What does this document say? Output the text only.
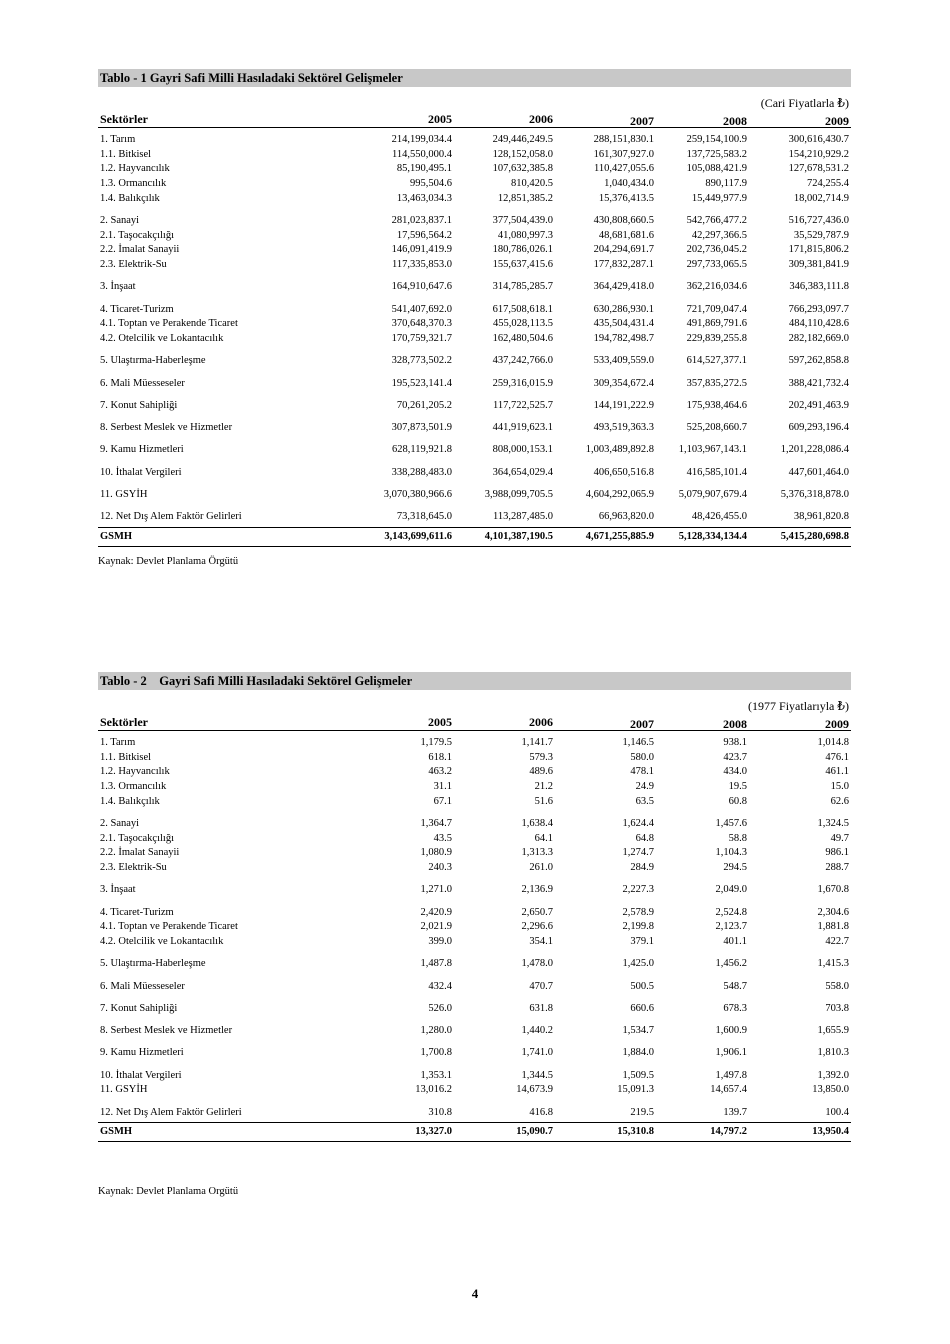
Tablo - 1 Gayri Safi Milli Hasıladaki Sektörel Gelişmeler
(Cari Fiyatlarla ₺)
Sektörler	2005	2006	2007	2008	2009
1. Tarım	214,199,034.4	249,446,249.5	288,151,830.1	259,154,100.9	300,616,430.7
1.1. Bitkisel	114,550,000.4	128,152,058.0	161,307,927.0	137,725,583.2	154,210,929.2
1.2. Hayvancılık	85,190,495.1	107,632,385.8	110,427,055.6	105,088,421.9	127,678,531.2
1.3. Ormancılık	995,504.6	810,420.5	1,040,434.0	890,117.9	724,255.4
1.4. Balıkçılık	13,463,034.3	12,851,385.2	15,376,413.5	15,449,977.9	18,002,714.9
2. Sanayi	281,023,837.1	377,504,439.0	430,808,660.5	542,766,477.2	516,727,436.0
2.1. Taşocakçılığı	17,596,564.2	41,080,997.3	48,681,681.6	42,297,366.5	35,529,787.9
2.2. İmalat Sanayii	146,091,419.9	180,786,026.1	204,294,691.7	202,736,045.2	171,815,806.2
2.3. Elektrik-Su	117,335,853.0	155,637,415.6	177,832,287.1	297,733,065.5	309,381,841.9
3. İnşaat	164,910,647.6	314,785,285.7	364,429,418.0	362,216,034.6	346,383,111.8
4. Ticaret-Turizm	541,407,692.0	617,508,618.1	630,286,930.1	721,709,047.4	766,293,097.7
4.1. Toptan ve Perakende Ticaret	370,648,370.3	455,028,113.5	435,504,431.4	491,869,791.6	484,110,428.6
4.2. Otelcilik ve Lokantacılık	170,759,321.7	162,480,504.6	194,782,498.7	229,839,255.8	282,182,669.0
5. Ulaştırma-Haberleşme	328,773,502.2	437,242,766.0	533,409,559.0	614,527,377.1	597,262,858.8
6. Mali Müesseseler	195,523,141.4	259,316,015.9	309,354,672.4	357,835,272.5	388,421,732.4
7. Konut Sahipliği	70,261,205.2	117,722,525.7	144,191,222.9	175,938,464.6	202,491,463.9
8. Serbest Meslek ve Hizmetler	307,873,501.9	441,919,623.1	493,519,363.3	525,208,660.7	609,293,196.4
9. Kamu Hizmetleri	628,119,921.8	808,000,153.1	1,003,489,892.8 1,103,967,143.1	1,201,228,086.4
10. İthalat Vergileri	338,288,483.0	364,654,029.4	406,650,516.8	416,585,101.4	447,601,464.0
11. GSYİH	3,070,380,966.6	3,988,099,705.5	4,604,292,065.9 5,079,907,679.4	5,376,318,878.0
12. Net Dış Alem Faktör Gelirleri	73,318,645.0	113,287,485.0	66,963,820.0	48,426,455.0	38,961,820.8
GSMH	3,143,699,611.6	4,101,387,190.5	4,671,255,885.9 5,128,334,134.4	5,415,280,698.8
Kaynak: Devlet Planlama Örgütü
Tablo - 2    Gayri Safi Milli Hasıladaki Sektörel Gelişmeler
(1977 Fiyatlarıyla ₺)
Sektörler	2005	2006	2007	2008	2009
1. Tarım	1,179.5	1,141.7	1,146.5	938.1	1,014.8
1.1. Bitkisel	618.1	579.3	580.0	423.7	476.1
1.2. Hayvancılık	463.2	489.6	478.1	434.0	461.1
1.3. Ormancılık	31.1	21.2	24.9	19.5	15.0
1.4. Balıkçılık	67.1	51.6	63.5	60.8	62.6
2. Sanayi	1,364.7	1,638.4	1,624.4	1,457.6	1,324.5
2.1. Taşocakçılığı	43.5	64.1	64.8	58.8	49.7
2.2. İmalat Sanayii	1,080.9	1,313.3	1,274.7	1,104.3	986.1
2.3. Elektrik-Su	240.3	261.0	284.9	294.5	288.7
3. İnşaat	1,271.0	2,136.9	2,227.3	2,049.0	1,670.8
4. Ticaret-Turizm	2,420.9	2,650.7	2,578.9	2,524.8	2,304.6
4.1. Toptan ve Perakende Ticaret	2,021.9	2,296.6	2,199.8	2,123.7	1,881.8
4.2. Otelcilik ve Lokantacılık	399.0	354.1	379.1	401.1	422.7
5. Ulaştırma-Haberleşme	1,487.8	1,478.0	1,425.0	1,456.2	1,415.3
6. Mali Müesseseler	432.4	470.7	500.5	548.7	558.0
7. Konut Sahipliği	526.0	631.8	660.6	678.3	703.8
8. Serbest Meslek ve Hizmetler	1,280.0	1,440.2	1,534.7	1,600.9	1,655.9
9. Kamu Hizmetleri	1,700.8	1,741.0	1,884.0	1,906.1	1,810.3
10. İthalat Vergileri	1,353.1	1,344.5	1,509.5	1,497.8	1,392.0
11. GSYİH	13,016.2	14,673.9	15,091.3	14,657.4	13,850.0
12. Net Dış Alem Faktör Gelirleri	310.8	416.8	219.5	139.7	100.4
GSMH	13,327.0	15,090.7	15,310.8	14,797.2	13,950.4
Kaynak: Devlet Planlama Orgütü
4
